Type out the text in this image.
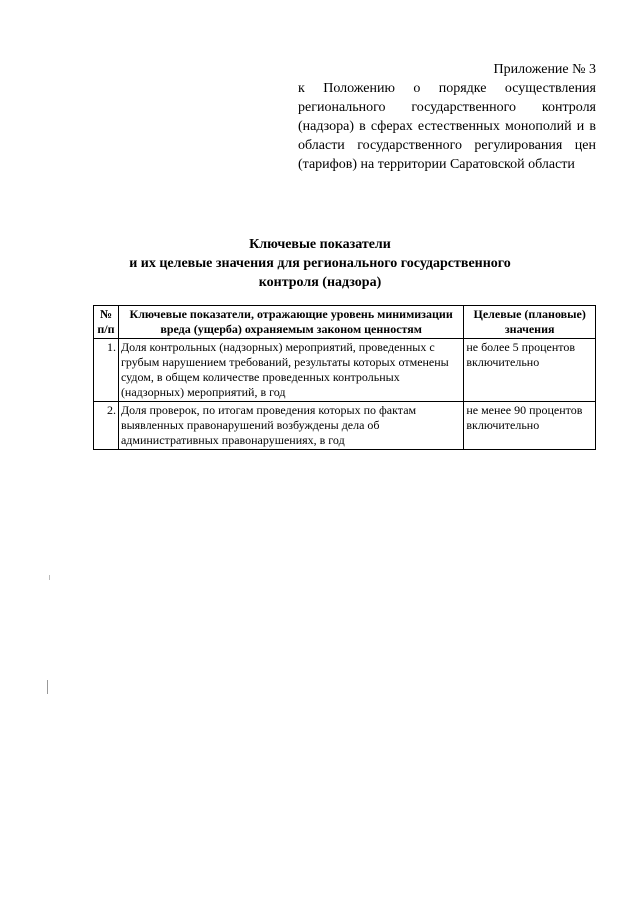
Приложение № 3
к Положению о порядке осуществления регионального государственного контроля (надзора) в сферах естественных монополий и в области государственного регулирования цен (тарифов) на территории Саратовской области
Ключевые показатели
и их целевые значения для регионального государственного
контроля (надзора)
№ п/п	Ключевые показатели, отражающие уровень минимизации вреда (ущерба) охраняемым законом ценностям	Целевые (плановые) значения
1.	Доля контрольных (надзорных) мероприятий, проведенных с грубым нарушением требований, результаты которых отменены судом, в общем количестве проведенных контрольных (надзорных) мероприятий, в год	не более 5 процентов включительно
2.	Доля проверок, по итогам проведения которых по фактам выявленных правонарушений возбуждены дела об административных правонарушениях, в год	не менее 90 процентов включительно
